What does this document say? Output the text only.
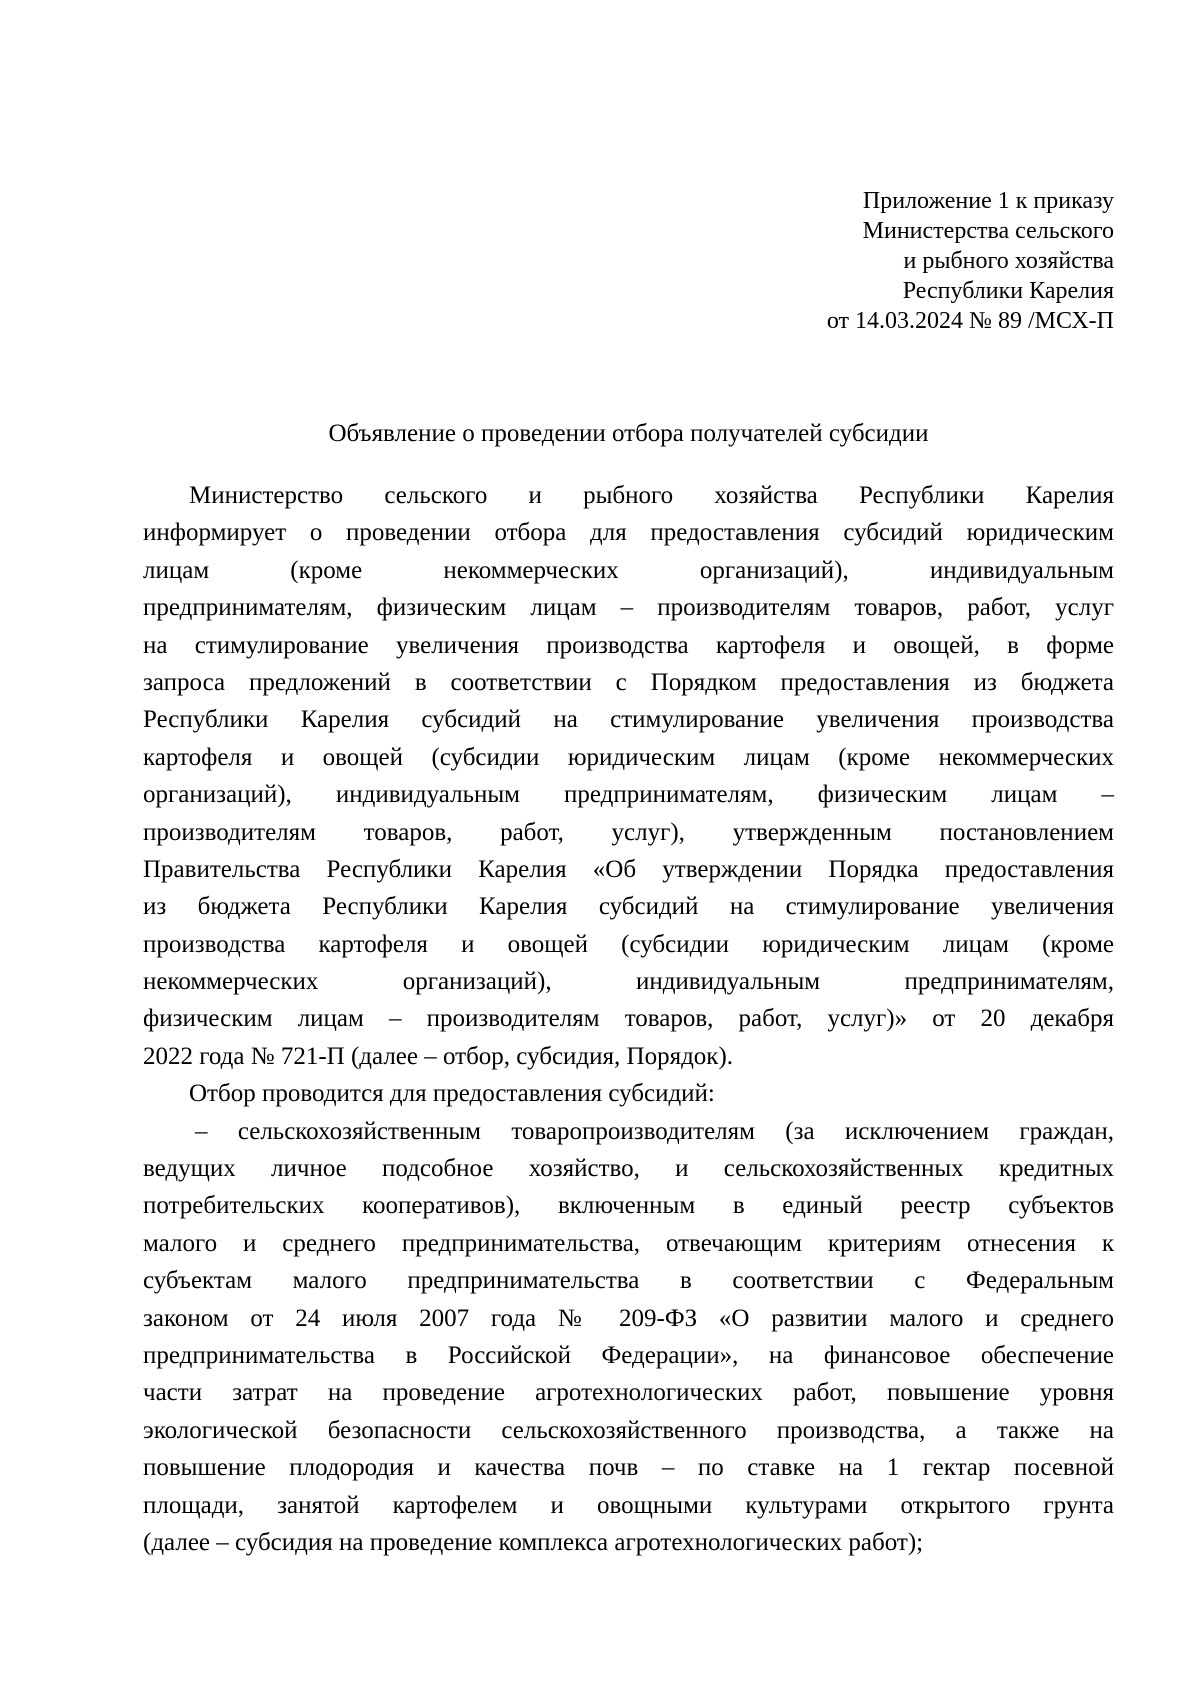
Приложение 1 к приказу
Министерства сельского
и рыбного хозяйства
Республики Карелия
от 14.03.2024 № 89 /МСХ-П
Объявление о проведении отбора получателей субсидии
Министерство сельского и рыбного хозяйства Республики Карелия
информирует о проведении отбора для предоставления субсидий юридическим
лицам (кроме некоммерческих организаций), индивидуальным
предпринимателям, физическим лицам – производителям товаров, работ, услуг
на стимулирование увеличения производства картофеля и овощей, в форме
запроса предложений в соответствии с Порядком предоставления из бюджета
Республики Карелия субсидий на стимулирование увеличения производства
картофеля и овощей (субсидии юридическим лицам (кроме некоммерческих
организаций), индивидуальным предпринимателям, физическим лицам –
производителям товаров, работ, услуг), утвержденным постановлением
Правительства Республики Карелия «Об утверждении Порядка предоставления
из бюджета Республики Карелия субсидий на стимулирование увеличения
производства картофеля и овощей (субсидии юридическим лицам (кроме
некоммерческих организаций), индивидуальным предпринимателям,
физическим лицам – производителям товаров, работ, услуг)» от 20 декабря
2022 года № 721-П (далее – отбор, субсидия, Порядок).
Отбор проводится для предоставления субсидий:
– сельскохозяйственным товаропроизводителям (за исключением граждан,
ведущих личное подсобное хозяйство, и сельскохозяйственных кредитных
потребительских кооперативов), включенным в единый реестр субъектов
малого и среднего предпринимательства, отвечающим критериям отнесения к
субъектам малого предпринимательства в соответствии с Федеральным
законом от 24 июля 2007 года № 209-ФЗ «О развитии малого и среднего
предпринимательства в Российской Федерации», на финансовое обеспечение
части затрат на проведение агротехнологических работ, повышение уровня
экологической безопасности сельскохозяйственного производства, а также на
повышение плодородия и качества почв – по ставке на 1 гектар посевной
площади, занятой картофелем и овощными культурами открытого грунта
(далее – субсидия на проведение комплекса агротехнологических работ);
